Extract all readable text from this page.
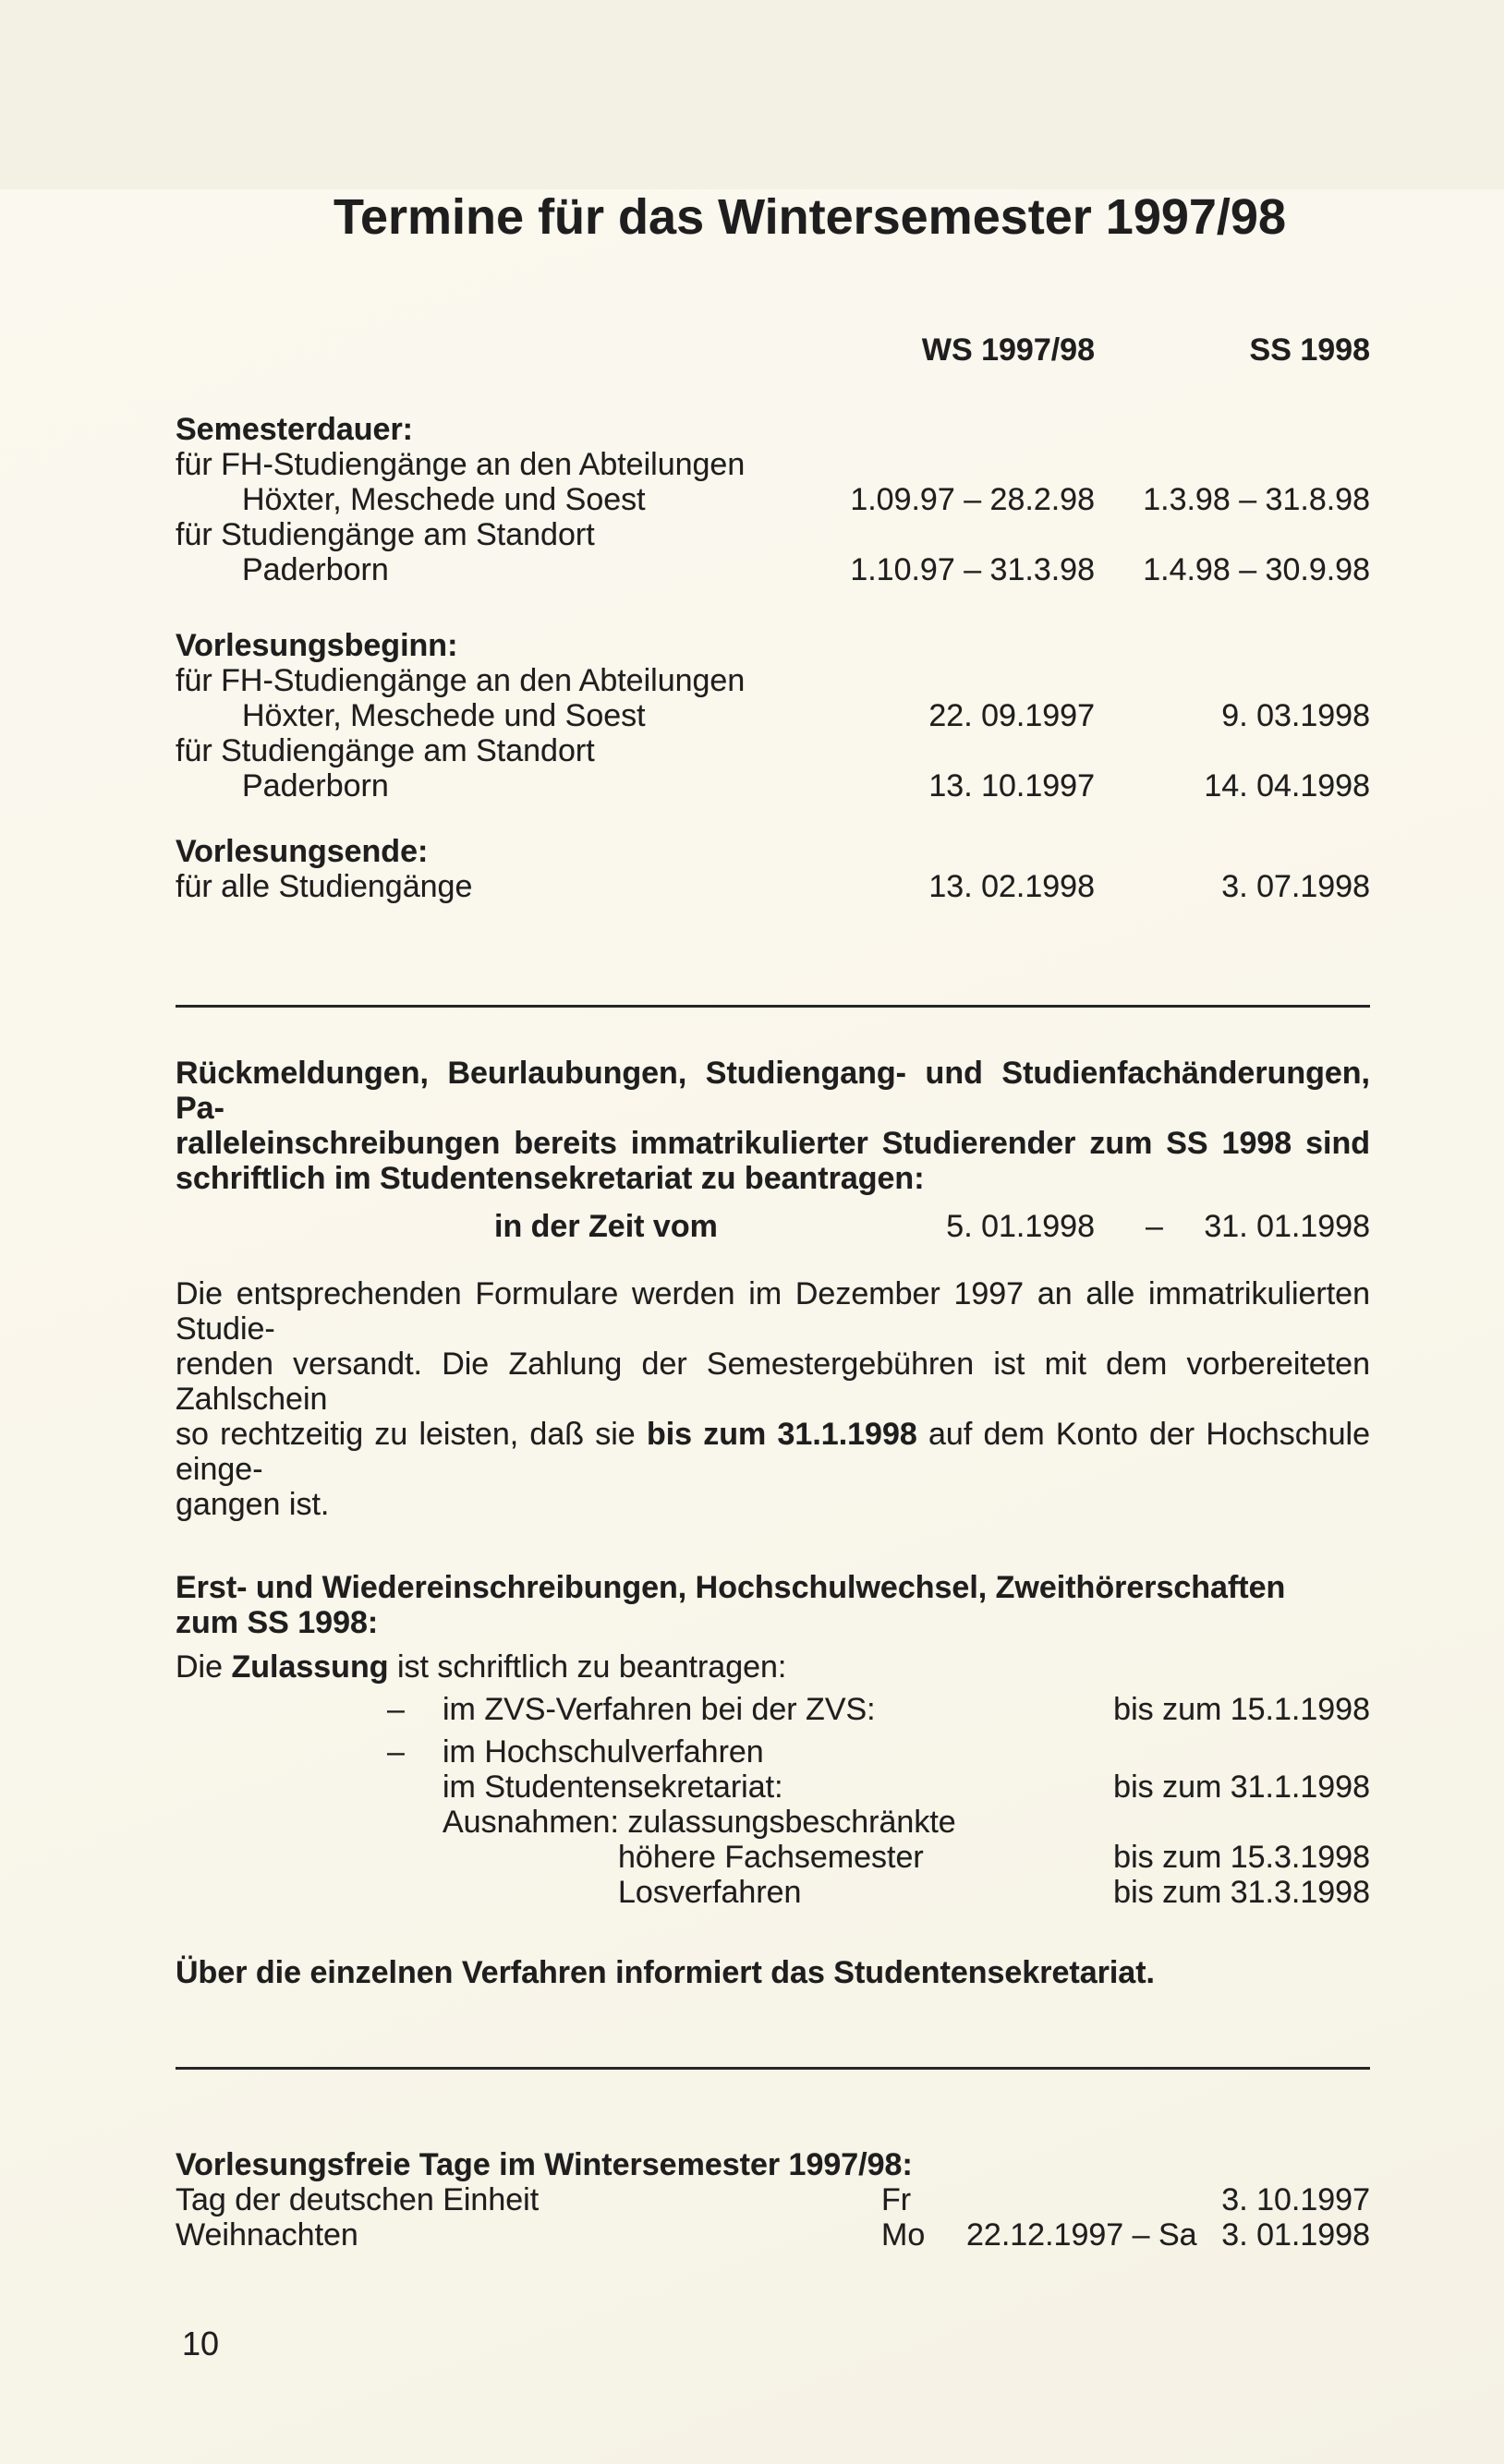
Termine für das Wintersemester 1997/98
WS 1997/98	SS 1998
Semesterdauer:
für FH-Studiengänge an den Abteilungen
Höxter, Meschede und Soest	1.09.97 – 28.2.98	1.3.98 – 31.8.98
für Studiengänge am Standort
Paderborn	1.10.97 – 31.3.98	1.4.98 – 30.9.98
Vorlesungsbeginn:
für FH-Studiengänge an den Abteilungen
Höxter, Meschede und Soest	22. 09.1997	9. 03.1998
für Studiengänge am Standort
Paderborn	13. 10.1997	14. 04.1998
Vorlesungsende:
für alle Studiengänge	13. 02.1998	3. 07.1998
Rückmeldungen, Beurlaubungen, Studiengang- und Studienfachänderungen, Pa-
ralleleinschreibungen bereits immatrikulierter Studierender zum SS 1998 sind
schriftlich im Studentensekretariat zu beantragen:
in der Zeit vom	5. 01.1998 – 31. 01.1998
Die entsprechenden Formulare werden im Dezember 1997 an alle immatrikulierten Studie-
renden versandt. Die Zahlung der Semestergebühren ist mit dem vorbereiteten Zahlschein
so rechtzeitig zu leisten, daß sie bis zum 31.1.1998 auf dem Konto der Hochschule einge-
gangen ist.
Erst- und Wiedereinschreibungen, Hochschulwechsel, Zweithörerschaften
zum SS 1998:
Die Zulassung ist schriftlich zu beantragen:
–	im ZVS-Verfahren bei der ZVS:	bis zum 15.1.1998
–	im Hochschulverfahren
im Studentensekretariat:	bis zum 31.1.1998
Ausnahmen: zulassungsbeschränkte
höhere Fachsemester	bis zum 15.3.1998
Losverfahren	bis zum 31.3.1998
Über die einzelnen Verfahren informiert das Studentensekretariat.
Vorlesungsfreie Tage im Wintersemester 1997/98:
Tag der deutschen Einheit	Fr	3. 10.1997
Weihnachten	Mo	22.12.1997 – Sa 3. 01.1998
10
